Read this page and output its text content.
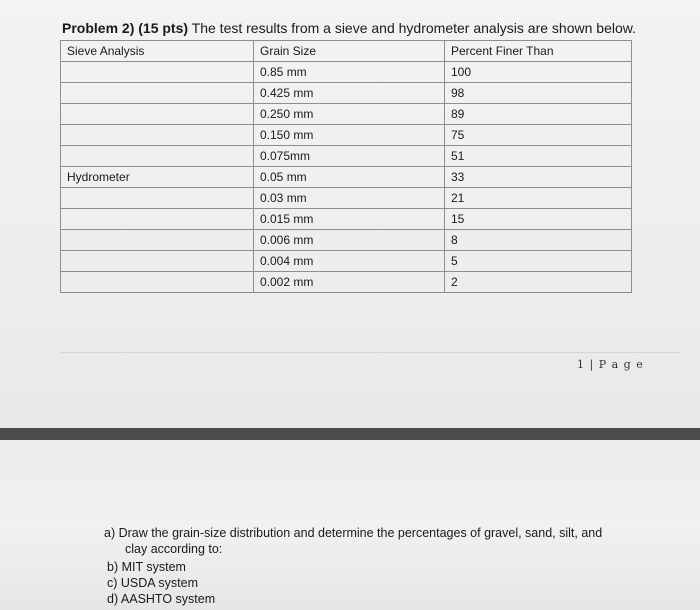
Problem 2) (15 pts) The test results from a sieve and hydrometer analysis are shown below.
Sieve Analysis	Grain Size	Percent Finer Than
	0.85 mm	100
	0.425 mm	98
	0.250 mm	89
	0.150 mm	75
	0.075mm	51
Hydrometer	0.05 mm	33
	0.03 mm	21
	0.015 mm	15
	0.006 mm	8
	0.004 mm	5
	0.002 mm	2
1 | P a g e
a) Draw the grain-size distribution and determine the percentages of gravel, sand, silt, and
clay according to:
b) MIT system
c) USDA system
d) AASHTO system
